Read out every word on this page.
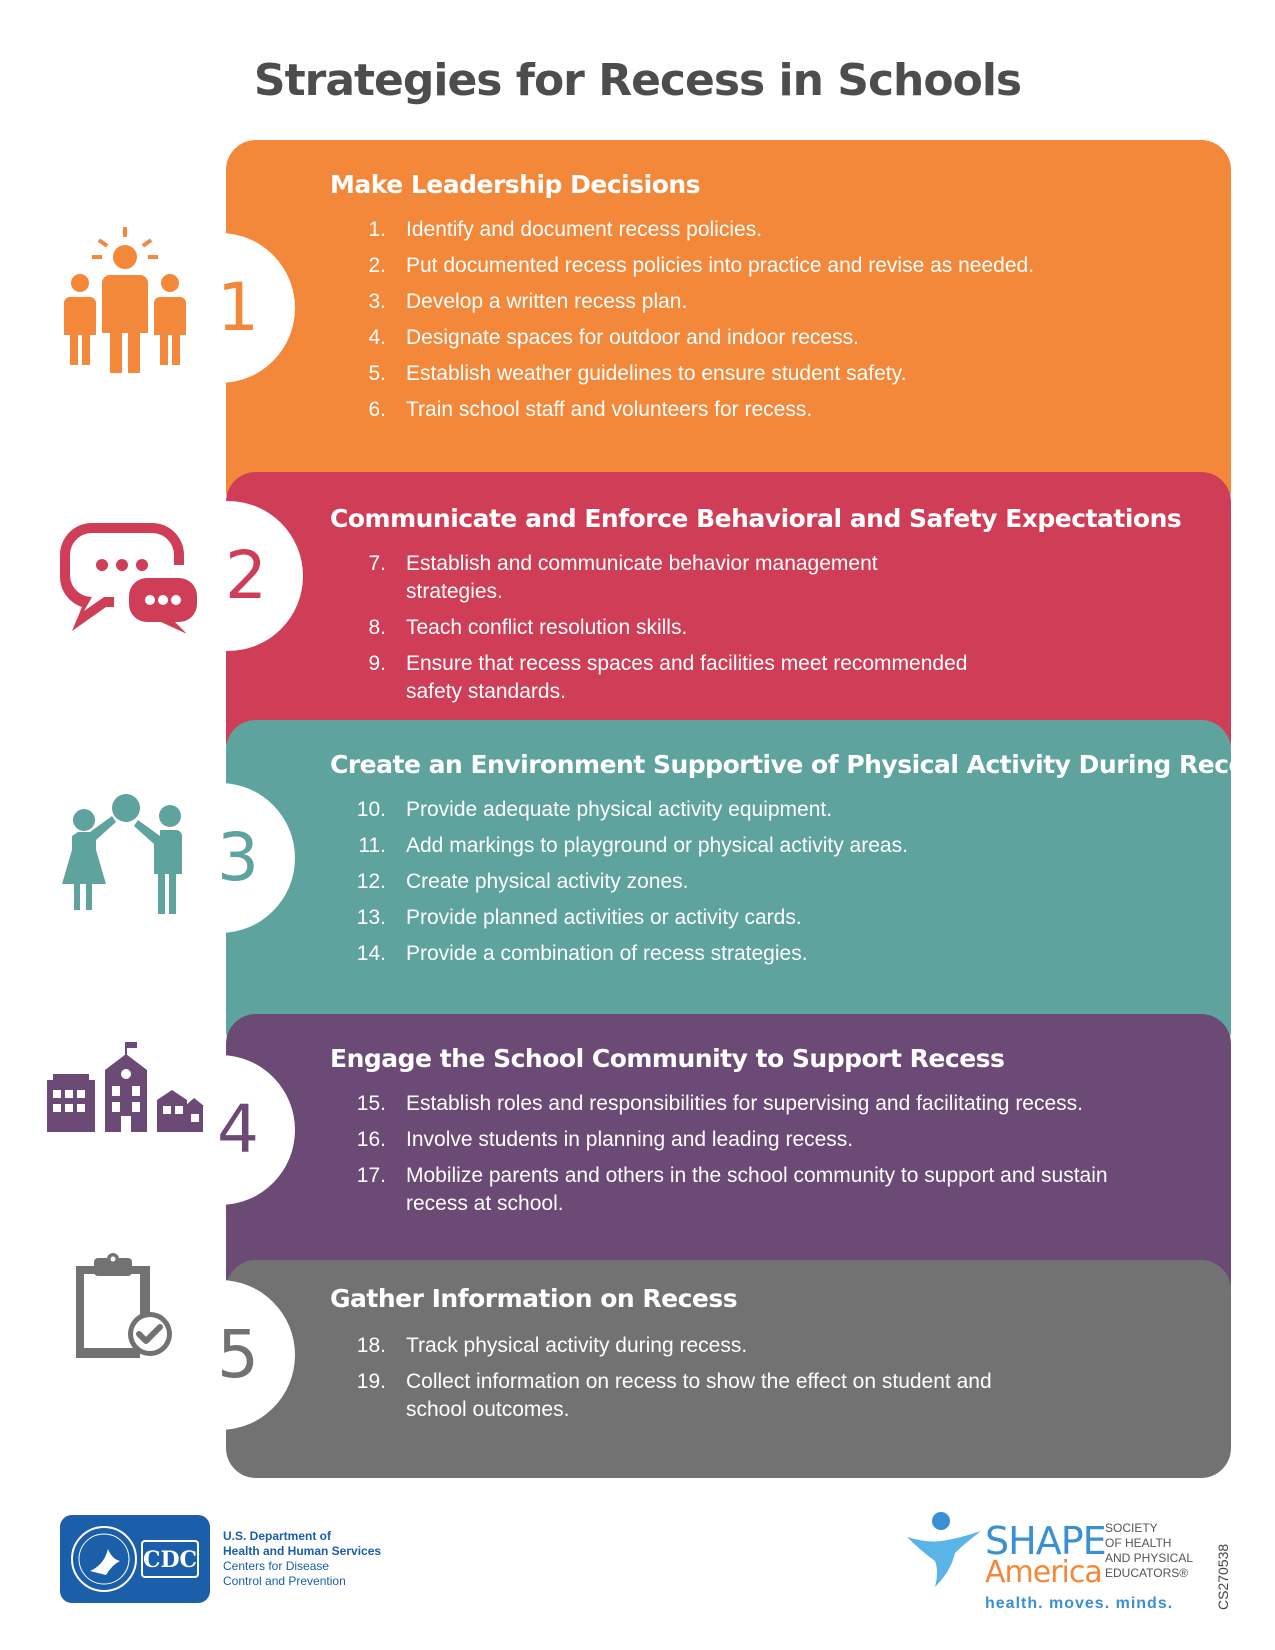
Strategies for Recess in Schools
Make Leadership Decisions
1. Identify and document recess policies.
2. Put documented recess policies into practice and revise as needed.
3. Develop a written recess plan.
4. Designate spaces for outdoor and indoor recess.
5. Establish weather guidelines to ensure student safety.
6. Train school staff and volunteers for recess.
Communicate and Enforce Behavioral and Safety Expectations
7. Establish and communicate behavior management strategies.
8. Teach conflict resolution skills.
9. Ensure that recess spaces and facilities meet recommended safety standards.
Create an Environment Supportive of Physical Activity During Recess
10. Provide adequate physical activity equipment.
11. Add markings to playground or physical activity areas.
12. Create physical activity zones.
13. Provide planned activities or activity cards.
14. Provide a combination of recess strategies.
Engage the School Community to Support Recess
15. Establish roles and responsibilities for supervising and facilitating recess.
16. Involve students in planning and leading recess.
17. Mobilize parents and others in the school community to support and sustain recess at school.
Gather Information on Recess
18. Track physical activity during recess.
19. Collect information on recess to show the effect on student and school outcomes.
1
2
3
4
5
CDC
U.S. Department of
Health and Human Services
Centers for Disease
Control and Prevention
SHAPE
America
SOCIETY
OF HEALTH
AND PHYSICAL
EDUCATORS®
health. moves. minds.	CS270538
